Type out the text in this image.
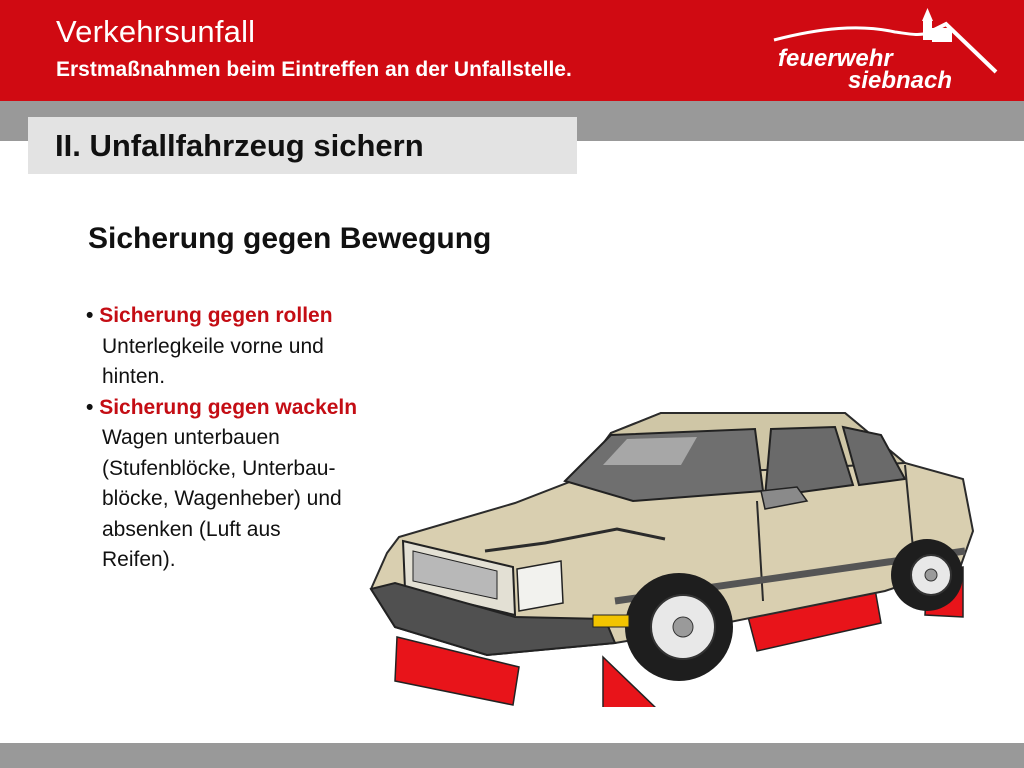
Verkehrsunfall
Erstmaßnahmen beim Eintreffen an der Unfallstelle.	feuerwehr
siebnach
II. Unfallfahrzeug sichern
Sicherung gegen Bewegung
• Sicherung gegen rollen
Unterlegkeile vorne und
hinten.
• Sicherung gegen wackeln
Wagen unterbauen
(Stufenblöcke, Unterbau-
blöcke, Wagenheber) und
absenken (Luft aus
Reifen).
